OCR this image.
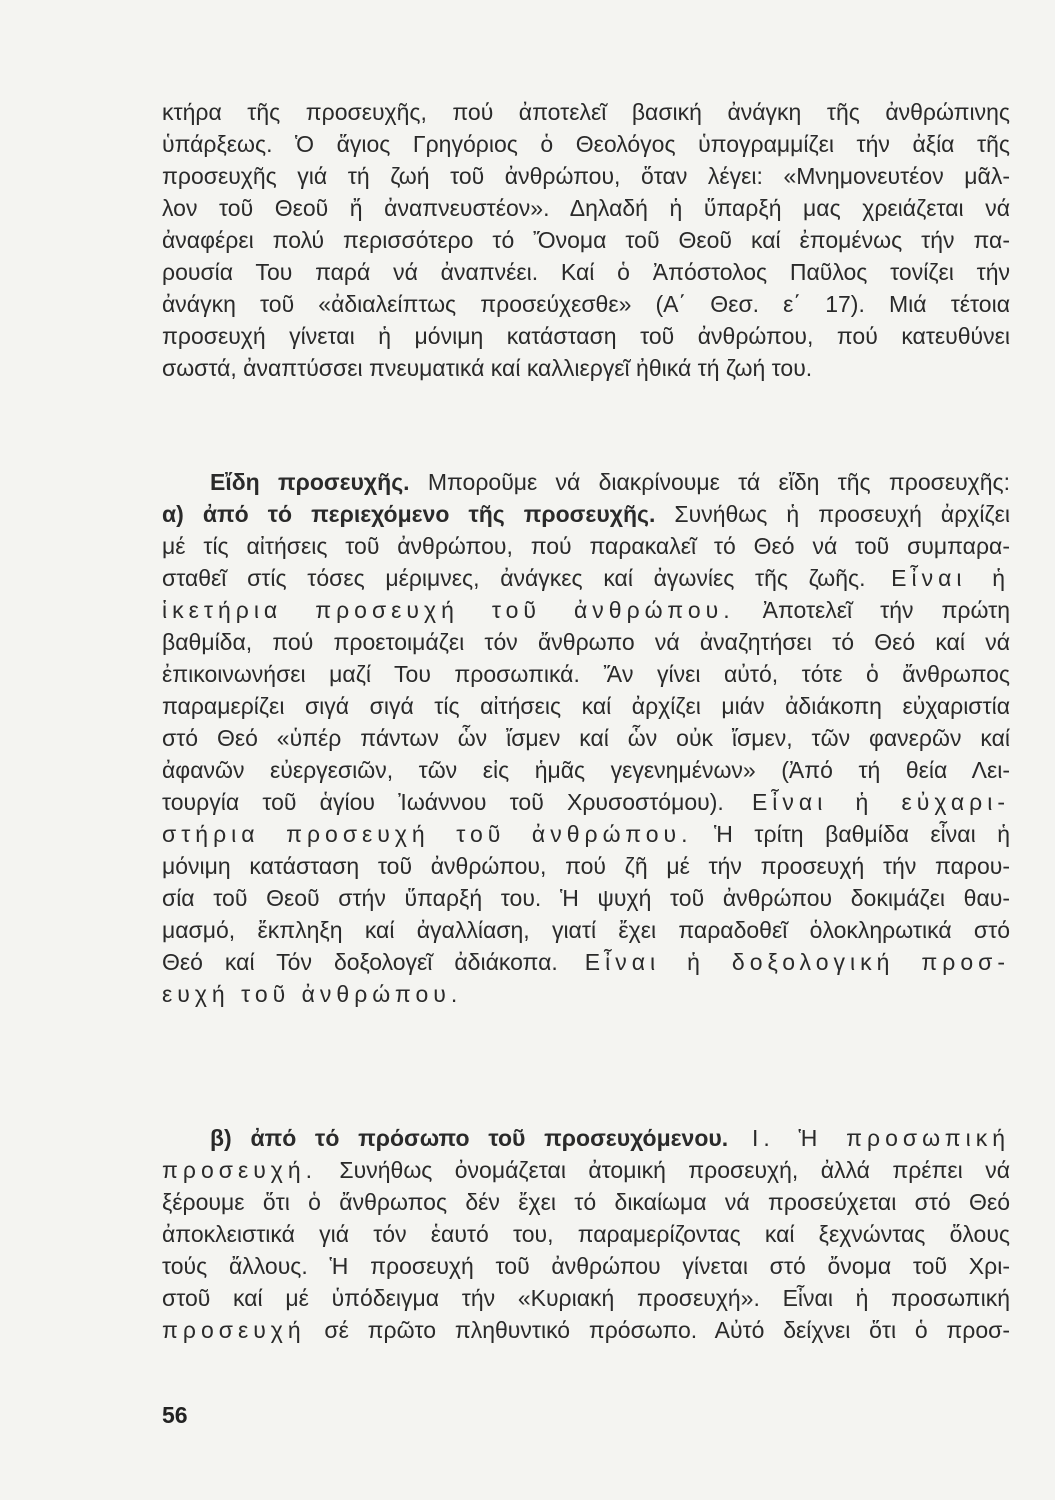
κτήρα τῆς προσευχῆς, πού ἀποτελεῖ βασική ἀνάγκη τῆς ἀνθρώπινης
ὑπάρξεως. Ὁ ἅγιος Γρηγόριος ὁ Θεολόγος ὑπογραμμίζει τήν ἀξία τῆς
προσευχῆς γιά τή ζωή τοῦ ἀνθρώπου, ὅταν λέγει: «Μνημονευτέον μᾶλ-
λον τοῦ Θεοῦ ἤ ἀναπνευστέον». Δηλαδή ἡ ὕπαρξή μας χρειάζεται νά
ἀναφέρει πολύ περισσότερο τό Ὄνομα τοῦ Θεοῦ καί ἐπομένως τήν πα-
ρουσία Του παρά νά ἀναπνέει. Καί ὁ Ἀπόστολος Παῦλος τονίζει τήν
ἀνάγκη τοῦ «ἀδιαλείπτως προσεύχεσθε» (Α΄ Θεσ. ε΄ 17). Μιά τέτοια
προσευχή γίνεται ἡ μόνιμη κατάσταση τοῦ ἀνθρώπου, πού κατευθύνει
σωστά, ἀναπτύσσει πνευματικά καί καλλιεργεῖ ἠθικά τή ζωή του.
Εἴδη προσευχῆς. Μποροῦμε νά διακρίνουμε τά εἴδη τῆς προσευχῆς:
α) ἀπό τό περιεχόμενο τῆς προσευχῆς. Συνήθως ἡ προσευχή ἀρχίζει
μέ τίς αἰτήσεις τοῦ ἀνθρώπου, πού παρακαλεῖ τό Θεό νά τοῦ συμπαρα-
σταθεῖ στίς τόσες μέριμνες, ἀνάγκες καί ἀγωνίες τῆς ζωῆς. Εἶναι ἡ
ἱκετήρια προσευχή τοῦ ἀνθρώπου. Ἀποτελεῖ τήν πρώτη
βαθμίδα, πού προετοιμάζει τόν ἄνθρωπο νά ἀναζητήσει τό Θεό καί νά
ἐπικοινωνήσει μαζί Του προσωπικά. Ἄν γίνει αὐτό, τότε ὁ ἄνθρωπος
παραμερίζει σιγά σιγά τίς αἰτήσεις καί ἀρχίζει μιάν ἀδιάκοπη εὐχαριστία
στό Θεό «ὑπέρ πάντων ὧν ἴσμεν καί ὧν οὐκ ἴσμεν, τῶν φανερῶν καί
ἀφανῶν εὐεργεσιῶν, τῶν εἰς ἡμᾶς γεγενημένων» (Ἀπό τή θεία Λει-
τουργία τοῦ ἁγίου Ἰωάννου τοῦ Χρυσοστόμου). Εἶναι ἡ εὐχαρι-
στήρια προσευχή τοῦ ἀνθρώπου. Ἡ τρίτη βαθμίδα εἶναι ἡ
μόνιμη κατάσταση τοῦ ἀνθρώπου, πού ζῆ μέ τήν προσευχή τήν παρου-
σία τοῦ Θεοῦ στήν ὕπαρξή του. Ἡ ψυχή τοῦ ἀνθρώπου δοκιμάζει θαυ-
μασμό, ἔκπληξη καί ἀγαλλίαση, γιατί ἔχει παραδοθεῖ ὁλοκληρωτικά στό
Θεό καί Τόν δοξολογεῖ ἀδιάκοπα. Εἶναι ἡ δοξολογική προσ-
ευχή τοῦ ἀνθρώπου.
β) ἀπό τό πρόσωπο τοῦ προσευχόμενου. Ι. Ἡ προσωπική
προσευχή. Συνήθως ὀνομάζεται ἀτομική προσευχή, ἀλλά πρέπει νά
ξέρουμε ὅτι ὁ ἄνθρωπος δέν ἔχει τό δικαίωμα νά προσεύχεται στό Θεό
ἀποκλειστικά γιά τόν ἑαυτό του, παραμερίζοντας καί ξεχνώντας ὅλους
τούς ἄλλους. Ἡ προσευχή τοῦ ἀνθρώπου γίνεται στό ὄνομα τοῦ Χρι-
στοῦ καί μέ ὑπόδειγμα τήν «Κυριακή προσευχή». Εἶναι ἡ προσωπική
προσευχή σέ πρῶτο πληθυντικό πρόσωπο. Αὐτό δείχνει ὅτι ὁ προσ-
56
